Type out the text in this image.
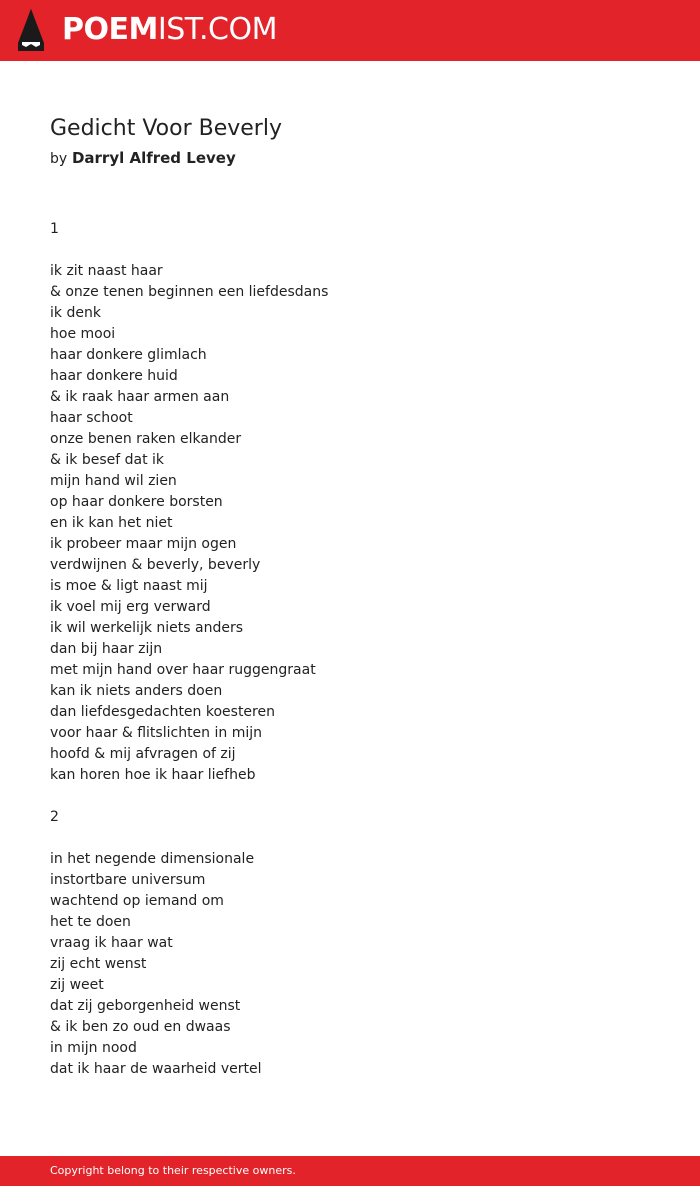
POEMIST.COM
Gedicht Voor Beverly
by Darryl Alfred Levey
1
ik zit naast haar
& onze tenen beginnen een liefdesdans
ik denk
hoe mooi
haar donkere glimlach
haar donkere huid
& ik raak haar armen aan
haar schoot
onze benen raken elkander
& ik besef dat ik
mijn hand wil zien
op haar donkere borsten
en ik kan het niet
ik probeer maar mijn ogen
verdwijnen & beverly, beverly
is moe & ligt naast mij
ik voel mij erg verward
ik wil werkelijk niets anders
dan bij haar zijn
met mijn hand over haar ruggengraat
kan ik niets anders doen
dan liefdesgedachten koesteren
voor haar & flitslichten in mijn
hoofd & mij afvragen of zij
kan horen hoe ik haar liefheb
2
in het negende dimensionale
instortbare universum
wachtend op iemand om
het te doen
vraag ik haar wat
zij echt wenst
zij weet
dat zij geborgenheid wenst
& ik ben zo oud en dwaas
in mijn nood
dat ik haar de waarheid vertel
Copyright belong to their respective owners.
